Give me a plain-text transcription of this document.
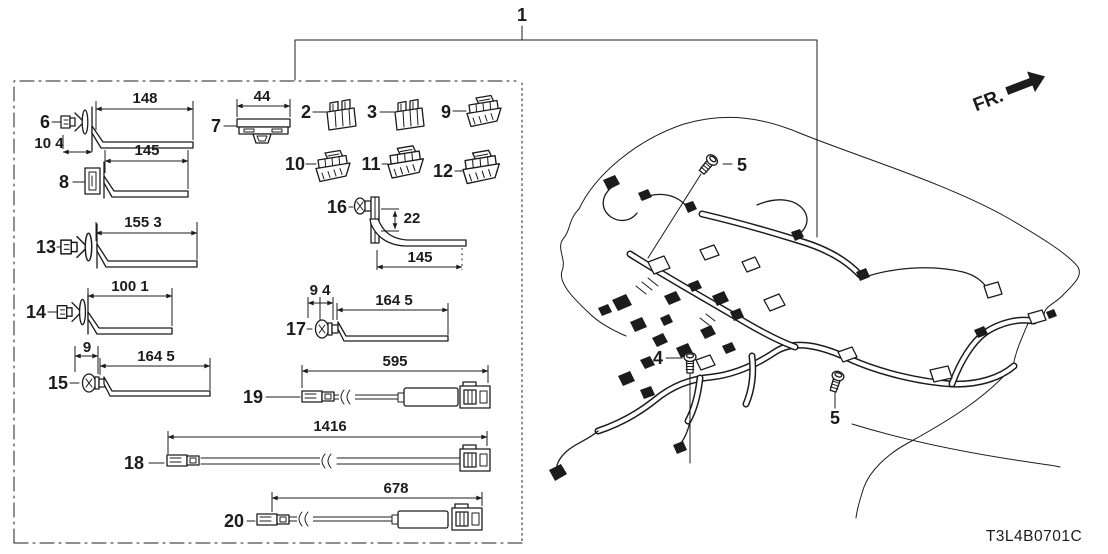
1
6
148
10 4
7
44
2	3	9
10	11	12
8
145
13
155 3
14
100 1
15
9
164 5
16
22
145
17
9 4
164 5
19
595
18
1416
20
678
4
5
5
FR.
T3L4B0701C
